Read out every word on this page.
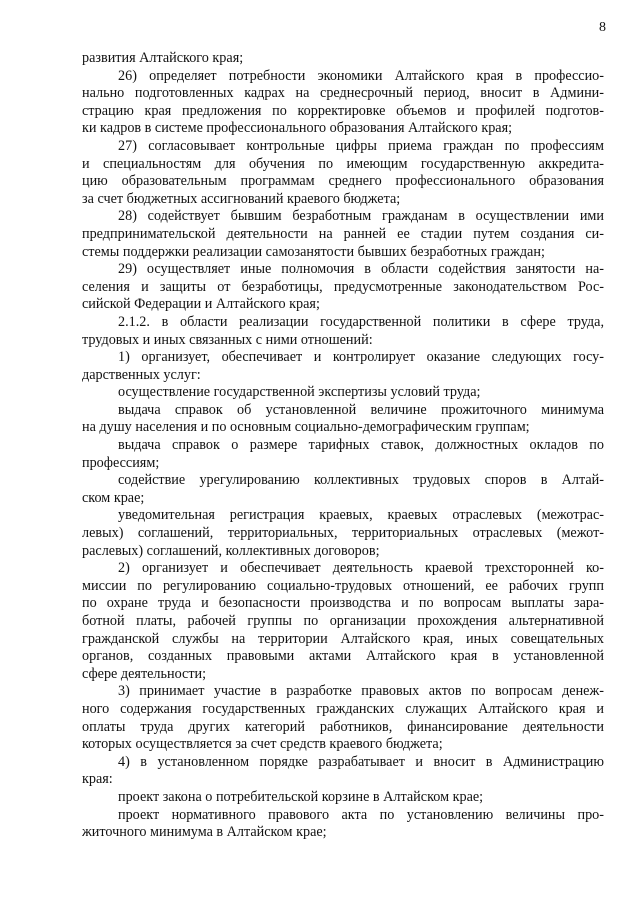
8
развития Алтайского края;
26) определяет потребности экономики Алтайского края в профессио-
нально подготовленных кадрах на среднесрочный период, вносит в Админи-
страцию края предложения по корректировке объемов и профилей подготов-
ки кадров в системе профессионального образования Алтайского края;
27) согласовывает контрольные цифры приема граждан по профессиям
и специальностям для обучения по имеющим государственную аккредита-
цию образовательным программам среднего профессионального образования
за счет бюджетных ассигнований краевого бюджета;
28) содействует бывшим безработным гражданам в осуществлении ими
предпринимательской деятельности на ранней ее стадии путем создания си-
стемы поддержки реализации самозанятости бывших безработных граждан;
29) осуществляет иные полномочия в области содействия занятости на-
селения и защиты от безработицы, предусмотренные законодательством Рос-
сийской Федерации и Алтайского края;
2.1.2. в области реализации государственной политики в сфере труда,
трудовых и иных связанных с ними отношений:
1) организует, обеспечивает и контролирует оказание следующих госу-
дарственных услуг:
осуществление государственной экспертизы условий труда;
выдача справок об установленной величине прожиточного минимума
на душу населения и по основным социально-демографическим группам;
выдача справок о размере тарифных ставок, должностных окладов по
профессиям;
содействие урегулированию коллективных трудовых споров в Алтай-
ском крае;
уведомительная регистрация краевых, краевых отраслевых (межотрас-
левых) соглашений, территориальных, территориальных отраслевых (межот-
раслевых) соглашений, коллективных договоров;
2) организует и обеспечивает деятельность краевой трехсторонней ко-
миссии по регулированию социально-трудовых отношений, ее рабочих групп
по охране труда и безопасности производства и по вопросам выплаты зара-
ботной платы, рабочей группы по организации прохождения альтернативной
гражданской службы на территории Алтайского края, иных совещательных
органов, созданных правовыми актами Алтайского края в установленной
сфере деятельности;
3) принимает участие в разработке правовых актов по вопросам денеж-
ного содержания государственных гражданских служащих Алтайского края и
оплаты труда других категорий работников, финансирование деятельности
которых осуществляется за счет средств краевого бюджета;
4) в установленном порядке разрабатывает и вносит в Администрацию
края:
проект закона о потребительской корзине в Алтайском крае;
проект нормативного правового акта по установлению величины про-
житочного минимума в Алтайском крае;
